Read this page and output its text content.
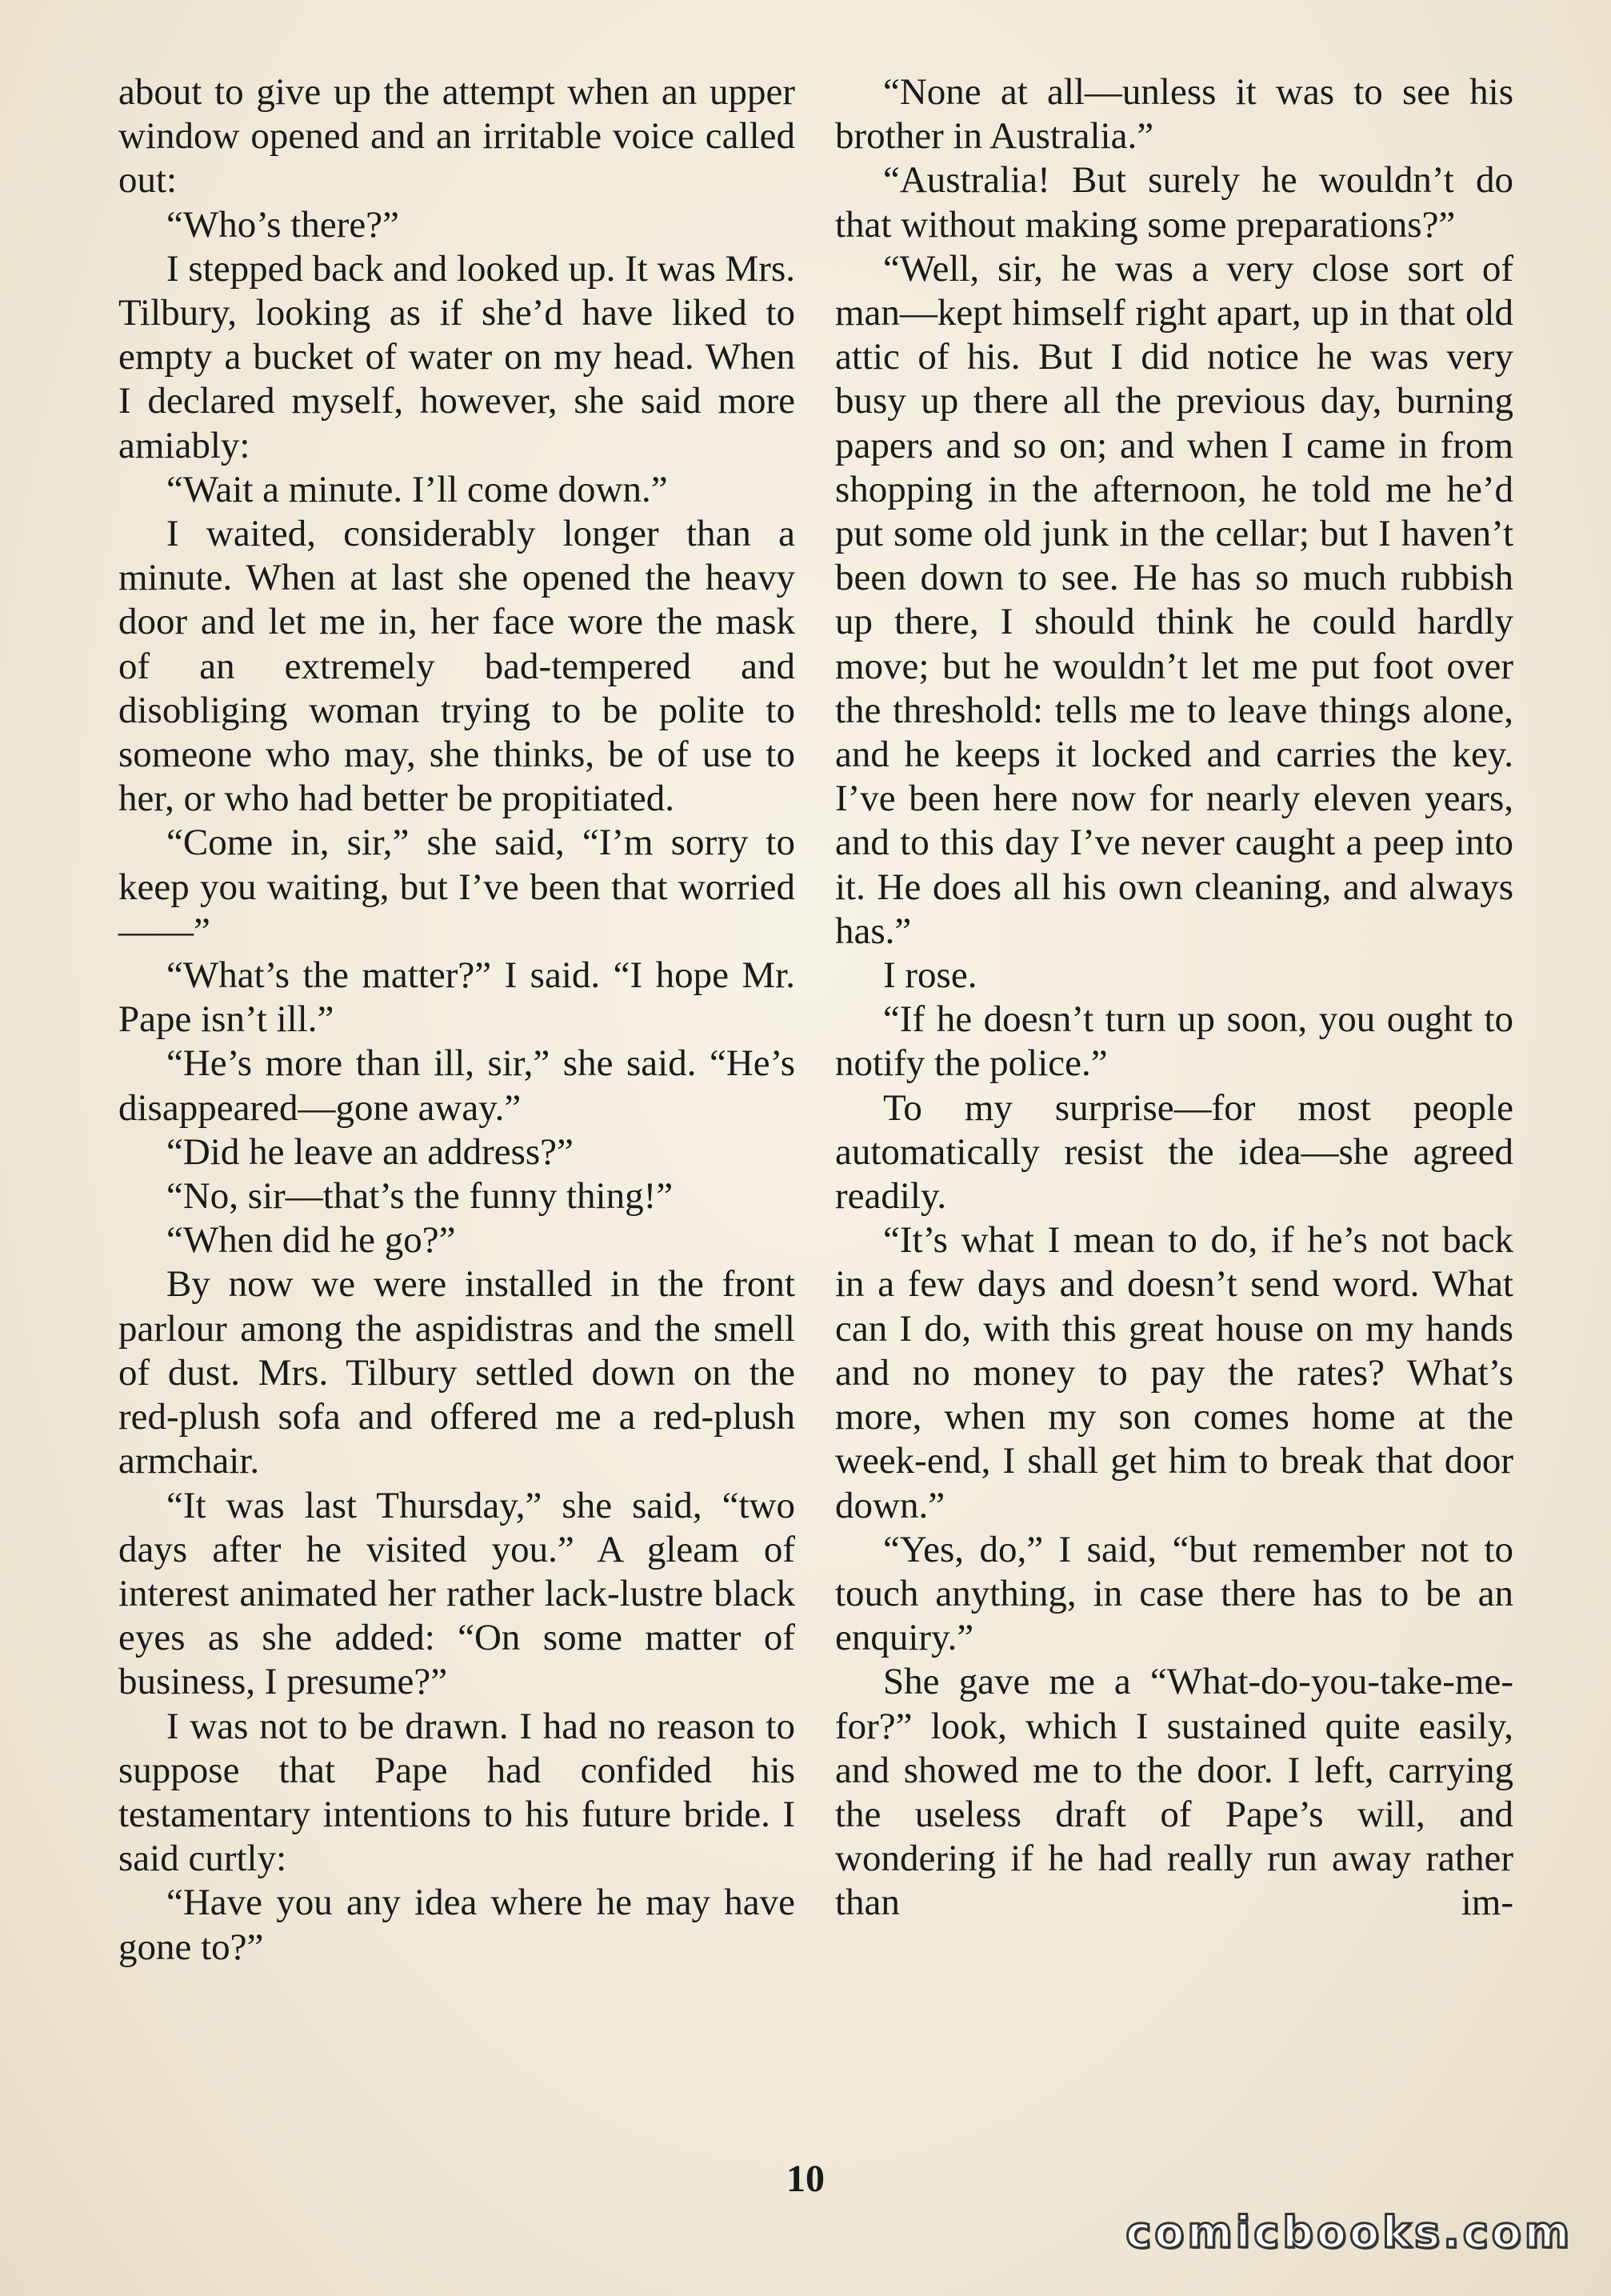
about to give up the attempt when an upper window opened and an irritable voice called out:

“Who’s there?”

I stepped back and looked up. It was Mrs. Tilbury, looking as if she’d have liked to empty a bucket of water on my head. When I declared myself, however, she said more amiably:

“Wait a minute. I’ll come down.”

I waited, considerably longer than a minute. When at last she opened the heavy door and let me in, her face wore the mask of an extremely bad-tempered and disobliging woman trying to be polite to someone who may, she thinks, be of use to her, or who had better be propitiated.

“Come in, sir,” she said, “I’m sorry to keep you waiting, but I’ve been that worried——”

“What’s the matter?” I said. “I hope Mr. Pape isn’t ill.”

“He’s more than ill, sir,” she said. “He’s disappeared—gone away.”

“Did he leave an address?”

“No, sir—that’s the funny thing!”

“When did he go?”

By now we were installed in the front parlour among the aspidistras and the smell of dust. Mrs. Tilbury settled down on the red-plush sofa and offered me a red-plush armchair.

“It was last Thursday,” she said, “two days after he visited you.” A gleam of interest animated her rather lack-lustre black eyes as she added: “On some matter of business, I presume?”

I was not to be drawn. I had no reason to suppose that Pape had confided his testamentary intentions to his future bride. I said curtly:

“Have you any idea where he may have gone to?”

“None at all—unless it was to see his brother in Australia.”

“Australia! But surely he wouldn’t do that without making some preparations?”

“Well, sir, he was a very close sort of man—kept himself right apart, up in that old attic of his. But I did notice he was very busy up there all the previous day, burning papers and so on; and when I came in from shopping in the afternoon, he told me he’d put some old junk in the cellar; but I haven’t been down to see. He has so much rubbish up there, I should think he could hardly move; but he wouldn’t let me put foot over the threshold: tells me to leave things alone, and he keeps it locked and carries the key. I’ve been here now for nearly eleven years, and to this day I’ve never caught a peep into it. He does all his own cleaning, and always has.”

I rose.

“If he doesn’t turn up soon, you ought to notify the police.”

To my surprise—for most people automatically resist the idea—she agreed readily.

“It’s what I mean to do, if he’s not back in a few days and doesn’t send word. What can I do, with this great house on my hands and no money to pay the rates? What’s more, when my son comes home at the week-end, I shall get him to break that door down.”

“Yes, do,” I said, “but remember not to touch anything, in case there has to be an enquiry.”

She gave me a “What-do-you-take-me-for?” look, which I sustained quite easily, and showed me to the door. I left, carrying the useless draft of Pape’s will, and wondering if he had really run away rather than im-

10
comicbooks.com
